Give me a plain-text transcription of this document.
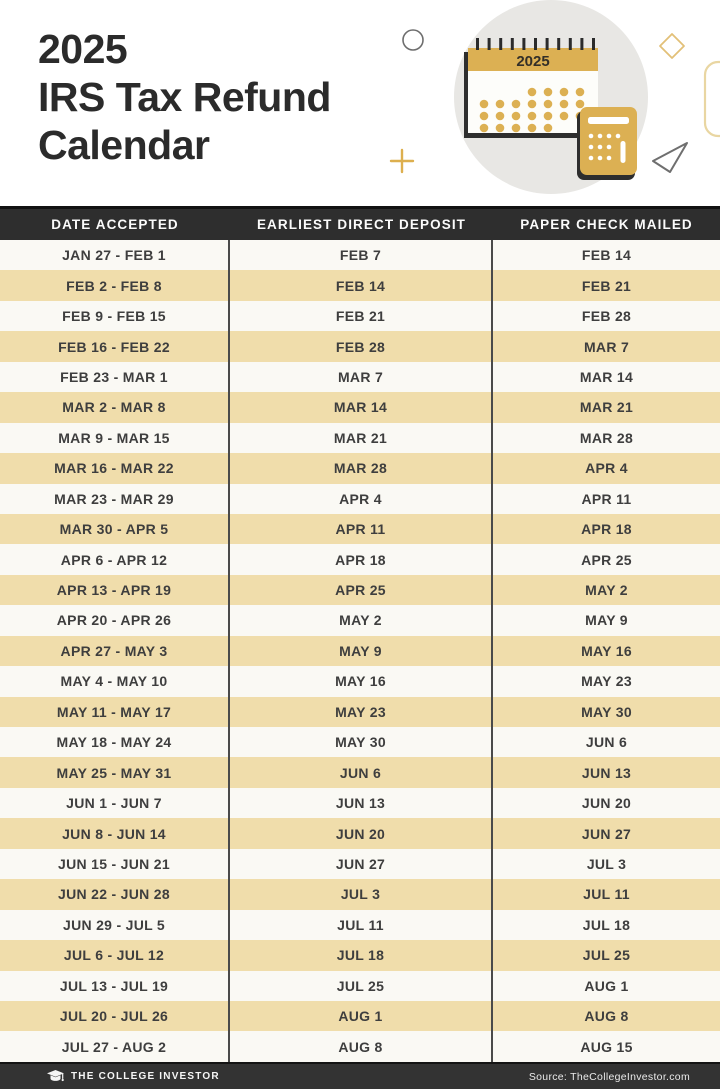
2025
2025
IRS Tax Refund
Calendar
DATE ACCEPTED	EARLIEST DIRECT DEPOSIT	PAPER CHECK MAILED
JAN 27 - FEB 1	FEB 7	FEB 14
FEB 2 - FEB 8	FEB 14	FEB 21
FEB 9 - FEB 15	FEB 21	FEB 28
FEB 16 - FEB 22	FEB 28	MAR 7
FEB 23 - MAR 1	MAR 7	MAR 14
MAR 2 - MAR 8	MAR 14	MAR 21
MAR 9 - MAR 15	MAR 21	MAR 28
MAR 16 - MAR 22	MAR 28	APR 4
MAR 23 - MAR 29	APR 4	APR 11
MAR 30 - APR 5	APR 11	APR 18
APR 6 - APR 12	APR 18	APR 25
APR 13 - APR 19	APR 25	MAY 2
APR 20 - APR 26	MAY 2	MAY 9
APR 27 - MAY 3	MAY 9	MAY 16
MAY 4 - MAY 10	MAY 16	MAY 23
MAY 11 - MAY 17	MAY 23	MAY 30
MAY 18 - MAY 24	MAY 30	JUN 6
MAY 25 - MAY 31	JUN 6	JUN 13
JUN 1 - JUN 7	JUN 13	JUN 20
JUN 8 - JUN 14	JUN 20	JUN 27
JUN 15 - JUN 21	JUN 27	JUL 3
JUN 22 - JUN 28	JUL 3	JUL 11
JUN 29 - JUL 5	JUL 11	JUL 18
JUL 6 - JUL 12	JUL 18	JUL 25
JUL 13 - JUL 19	JUL 25	AUG 1
JUL 20 - JUL 26	AUG 1	AUG 8
JUL 27 - AUG 2	AUG 8	AUG 15
THE COLLEGE INVESTOR	Source: TheCollegeInvestor.com
